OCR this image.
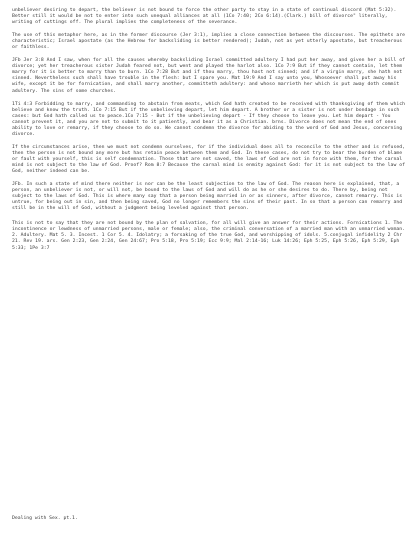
unbeliever desiring to depart, the believer is not bound to force the other party to stay in a state of continual discord (Mat 5:32). Better still it would be not to enter into such unequal alliances at all (1Co 7:40; 2Co 6:14).(Clark.) bill of divorce" literally, writing of cuttings off. The plural implies the completeness of the severance.

The use of this metaphor here, as in the former discourse (Jer 3:1), implies a close connection between the discourses. The epithets are characteristic; Israel apostate (as the Hebrew for backsliding is better rendered); Judah, not as yet utterly apostate, but treacherous or faithless.

JFb Jer 3:8 And I saw, when for all the causes whereby backsliding Israel committed adultery I had put her away, and given her a bill of divorce; yet her treacherous sister Judah feared not, but went and played the harlot also. 1Co 7:9 But if they cannot contain, let them marry for it is better to marry than to burn. 1Co 7:28 But and if thou marry, thou hast not sinned; and if a virgin marry, she hath not sinned. Nevertheless such shall have trouble in the flesh: but I spare you. Mat 19:9 And I say unto you, Whosoever shall put away his wife, except it be for fornication, and shall marry another, committeth adultery: and whoso marrieth her which is put away doth commit adultery. The sins of some churches.

1Ti 4:3 Forbidding to marry, and commanding to abstain from meats, which God hath created to be received with thanksgiving of them which believe and know the truth. 1Co 7:15 But if the unbelieving depart, let him depart. A brother or a sister is not under bondage in such cases: but God hath called us to peace.1Co 7:15 - But if the unbelieving depart - If they choose to leave you. Let him depart - You cannot prevent it, and you are not to submit to it patiently, and bear it as a Christian. brns. Divorce does not mean the end of ones ability to love or remarry, if they choose to do so. We cannot condemn the divorce for abiding to the word of God and Jesus, concerning divorce.

If the circumstances arise, then we must not condemn ourselves, for if the individual does all to reconcile to the other and is refused, then the person is not bound any more but has retain peace between them and God. In these cases, do not try to bear the burden of blame or fault with yourself, this is self condemnation. Those that are not saved, the laws of God are not in force with them, for the carnal mind is not subject to the law of God. Proof? Rom 8:7 Because the carnal mind is enmity against God: for it is not subject to the law of God, neither indeed can be.

JFb. In such a state of mind there neither is nor can be the least subjection to the law of God. The reason here is explained, that, a person, an unbeliever is not, or will not, be bound to the laws of God and will do as he or she desires to do. There by, being not subject to the laws of God. This is where many say that a person being married in or as sinners, after divorce, cannot remarry. This is untrue, for being out in sin, and then being saved, God no longer remembers the sins of their past. In so that a person can remarry and still be in the will of God, without a judgment being leveled against that person.

This is not to say that they are not bound by the plan of salvation, for all will give an answer for their actions. Fornications 1. The incontinence or lewdness of unmarried persons, male or female; also, the criminal conversation of a married man with an unmarried woman. 2. Adultery. Mat 5. 3. Incest. 1 Cor 5. 4. Idolatry; a forsaking of the true God, and worshipping of idols. 5.conjugal infidelity 2 Chr 21. Rev 19. ars. Gen 2:23, Gen 2:24, Gen 24:67; Pro 5:18, Pro 5:19; Ecc 9:9; Mal 2:14-16; Luk 14:26; Eph 5:25, Eph 5:26, Eph 5:29, Eph 5:33; 1Pe 3:7

Dealing with Sex. pt.1.
